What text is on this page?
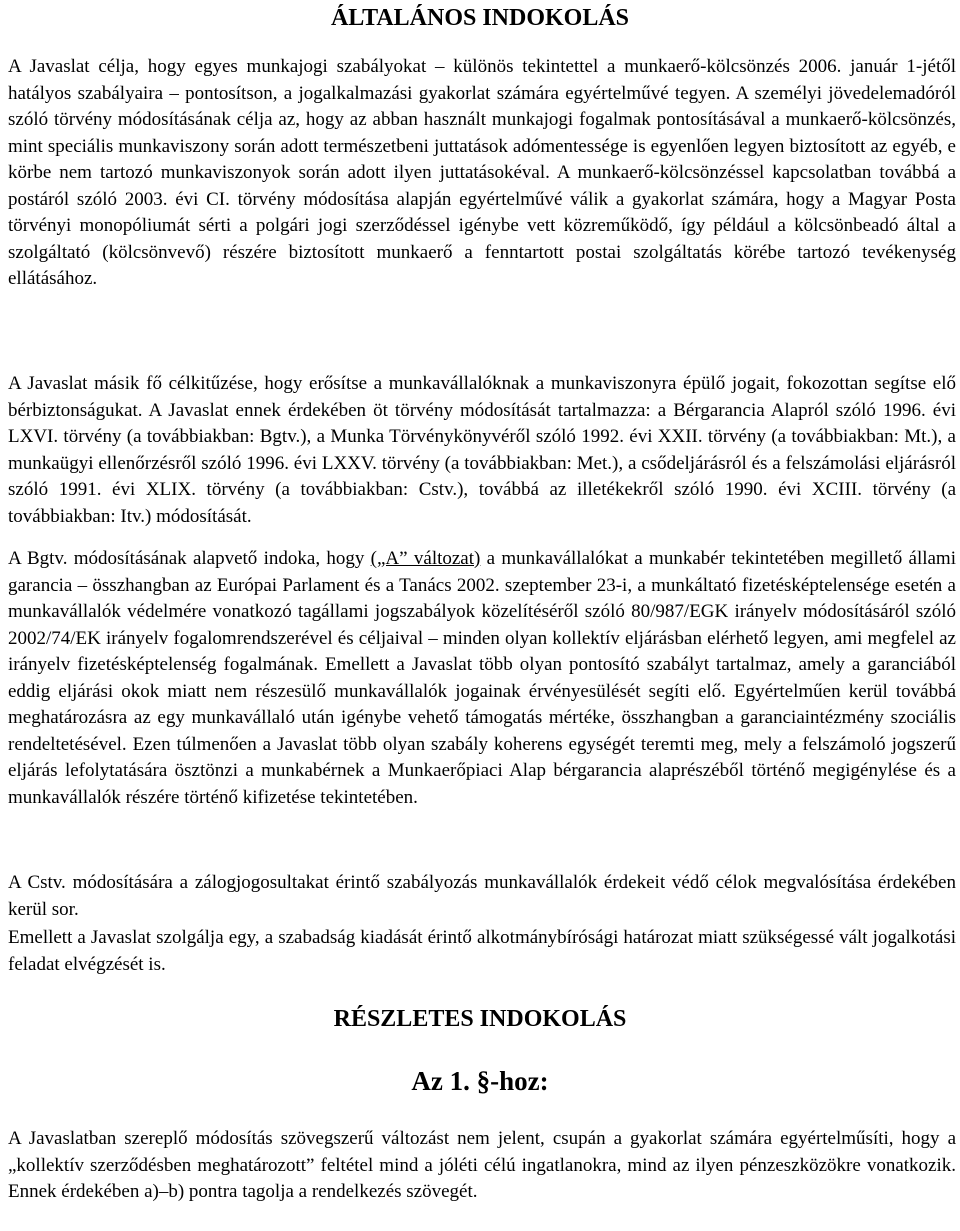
ÁLTALÁNOS INDOKOLÁS

A Javaslat célja, hogy egyes munkajogi szabályokat – különös tekintettel a munkaerő-kölcsönzés 2006. január 1-jétől hatályos szabályaira – pontosítson, a jogalkalmazási gyakorlat számára egyértelművé tegyen. A személyi jövedelemadóról szóló törvény módosításának célja az, hogy az abban használt munkajogi fogalmak pontosításával a munkaerő-kölcsönzés, mint speciális munkaviszony során adott természetbeni juttatások adómentessége is egyenlően legyen biztosított az egyéb, e körbe nem tartozó munkaviszonyok során adott ilyen juttatásokéval. A munkaerő-kölcsönzéssel kapcsolatban továbbá a postáról szóló 2003. évi CI. törvény módosítása alapján egyértelművé válik a gyakorlat számára, hogy a Magyar Posta törvényi monopóliumát sérti a polgári jogi szerződéssel igénybe vett közreműködő, így például a kölcsönbeadó által a szolgáltató (kölcsönvevő) részére biztosított munkaerő a fenntartott postai szolgáltatás körébe tartozó tevékenység ellátásához.

A Javaslat másik fő célkitűzése, hogy erősítse a munkavállalóknak a munkaviszonyra épülő jogait, fokozottan segítse elő bérbiztonságukat. A Javaslat ennek érdekében öt törvény módosítását tartalmazza: a Bérgarancia Alapról szóló 1996. évi LXVI. törvény (a továbbiakban: Bgtv.), a Munka Törvénykönyvéről szóló 1992. évi XXII. törvény (a továbbiakban: Mt.), a munkaügyi ellenőrzésről szóló 1996. évi LXXV. törvény (a továbbiakban: Met.), a csődeljárásról és a felszámolási eljárásról szóló 1991. évi XLIX. törvény (a továbbiakban: Cstv.), továbbá az illetékekről szóló 1990. évi XCIII. törvény (a továbbiakban: Itv.) módosítását.

A Bgtv. módosításának alapvető indoka, hogy („A” változat) a munkavállalókat a munkabér tekintetében megillető állami garancia – összhangban az Európai Parlament és a Tanács 2002. szeptember 23-i, a munkáltató fizetésképtelensége esetén a munkavállalók védelmére vonatkozó tagállami jogszabályok közelítéséről szóló 80/987/EGK irányelv módosításáról szóló 2002/74/EK irányelv fogalomrendszerével és céljaival – minden olyan kollektív eljárásban elérhető legyen, ami megfelel az irányelv fizetésképtelenség fogalmának. Emellett a Javaslat több olyan pontosító szabályt tartalmaz, amely a garanciából eddig eljárási okok miatt nem részesülő munkavállalók jogainak érvényesülését segíti elő. Egyértelműen kerül továbbá meghatározásra az egy munkavállaló után igénybe vehető támogatás mértéke, összhangban a garanciaintézmény szociális rendeltetésével. Ezen túlmenően a Javaslat több olyan szabály koherens egységét teremti meg, mely a felszámoló jogszerű eljárás lefolytatására ösztönzi a munkabérnek a Munkaerőpiaci Alap bérgarancia alaprészéből történő megigénylése és a munkavállalók részére történő kifizetése tekintetében.

A Cstv. módosítására a zálogjogosultakat érintő szabályozás munkavállalók érdekeit védő célok megvalósítása érdekében kerül sor.

Emellett a Javaslat szolgálja egy, a szabadság kiadását érintő alkotmánybírósági határozat miatt szükségessé vált jogalkotási feladat elvégzését is.

RÉSZLETES INDOKOLÁS
Az 1. §-hoz:

A Javaslatban szereplő módosítás szövegszerű változást nem jelent, csupán a gyakorlat számára egyértelműsíti, hogy a „kollektív szerződésben meghatározott” feltétel mind a jóléti célú ingatlanokra, mind az ilyen pénzeszközökre vonatkozik. Ennek érdekében a)–b) pontra tagolja a rendelkezés szövegét.
